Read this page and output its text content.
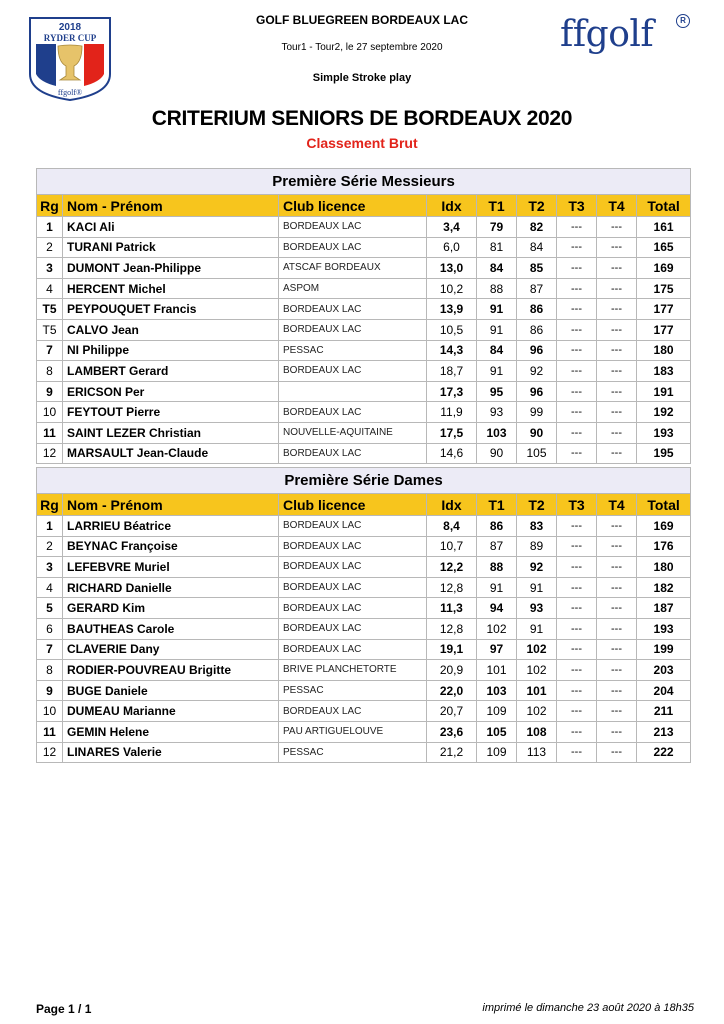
2018
RYDER CUP
ffgolf®
ffgolf	R
GOLF BLUEGREEN BORDEAUX LAC
Tour1 - Tour2, le 27 septembre 2020
Simple Stroke play
CRITERIUM SENIORS DE BORDEAUX 2020
Classement Brut
Première Série Messieurs								
Rg	Nom - Prénom	Club licence	Idx	T1	T2	T3	T4	Total
1	KACI Ali	BORDEAUX LAC	3,4	79	82	---	---	161
2	TURANI Patrick	BORDEAUX LAC	6,0	81	84	---	---	165
3	DUMONT Jean-Philippe	ATSCAF BORDEAUX	13,0	84	85	---	---	169
4	HERCENT Michel	ASPOM	10,2	88	87	---	---	175
T5	PEYPOUQUET Francis	BORDEAUX LAC	13,9	91	86	---	---	177
T5	CALVO Jean	BORDEAUX LAC	10,5	91	86	---	---	177
7	NI Philippe	PESSAC	14,3	84	96	---	---	180
8	LAMBERT Gerard	BORDEAUX LAC	18,7	91	92	---	---	183
9	ERICSON Per		17,3	95	96	---	---	191
10	FEYTOUT Pierre	BORDEAUX LAC	11,9	93	99	---	---	192
11	SAINT LEZER Christian	NOUVELLE-AQUITAINE	17,5	103	90	---	---	193
12	MARSAULT Jean-Claude	BORDEAUX LAC	14,6	90	105	---	---	195
Première Série Dames								
Rg	Nom - Prénom	Club licence	Idx	T1	T2	T3	T4	Total
1	LARRIEU Béatrice	BORDEAUX LAC	8,4	86	83	---	---	169
2	BEYNAC Françoise	BORDEAUX LAC	10,7	87	89	---	---	176
3	LEFEBVRE Muriel	BORDEAUX LAC	12,2	88	92	---	---	180
4	RICHARD Danielle	BORDEAUX LAC	12,8	91	91	---	---	182
5	GERARD Kim	BORDEAUX LAC	11,3	94	93	---	---	187
6	BAUTHEAS Carole	BORDEAUX LAC	12,8	102	91	---	---	193
7	CLAVERIE Dany	BORDEAUX LAC	19,1	97	102	---	---	199
8	RODIER-POUVREAU Brigitte	BRIVE PLANCHETORTE	20,9	101	102	---	---	203
9	BUGE Daniele	PESSAC	22,0	103	101	---	---	204
10	DUMEAU Marianne	BORDEAUX LAC	20,7	109	102	---	---	211
11	GEMIN Helene	PAU ARTIGUELOUVE	23,6	105	108	---	---	213
12	LINARES Valerie	PESSAC	21,2	109	113	---	---	222
Page 1 / 1	imprimé le dimanche 23 août 2020 à 18h35
